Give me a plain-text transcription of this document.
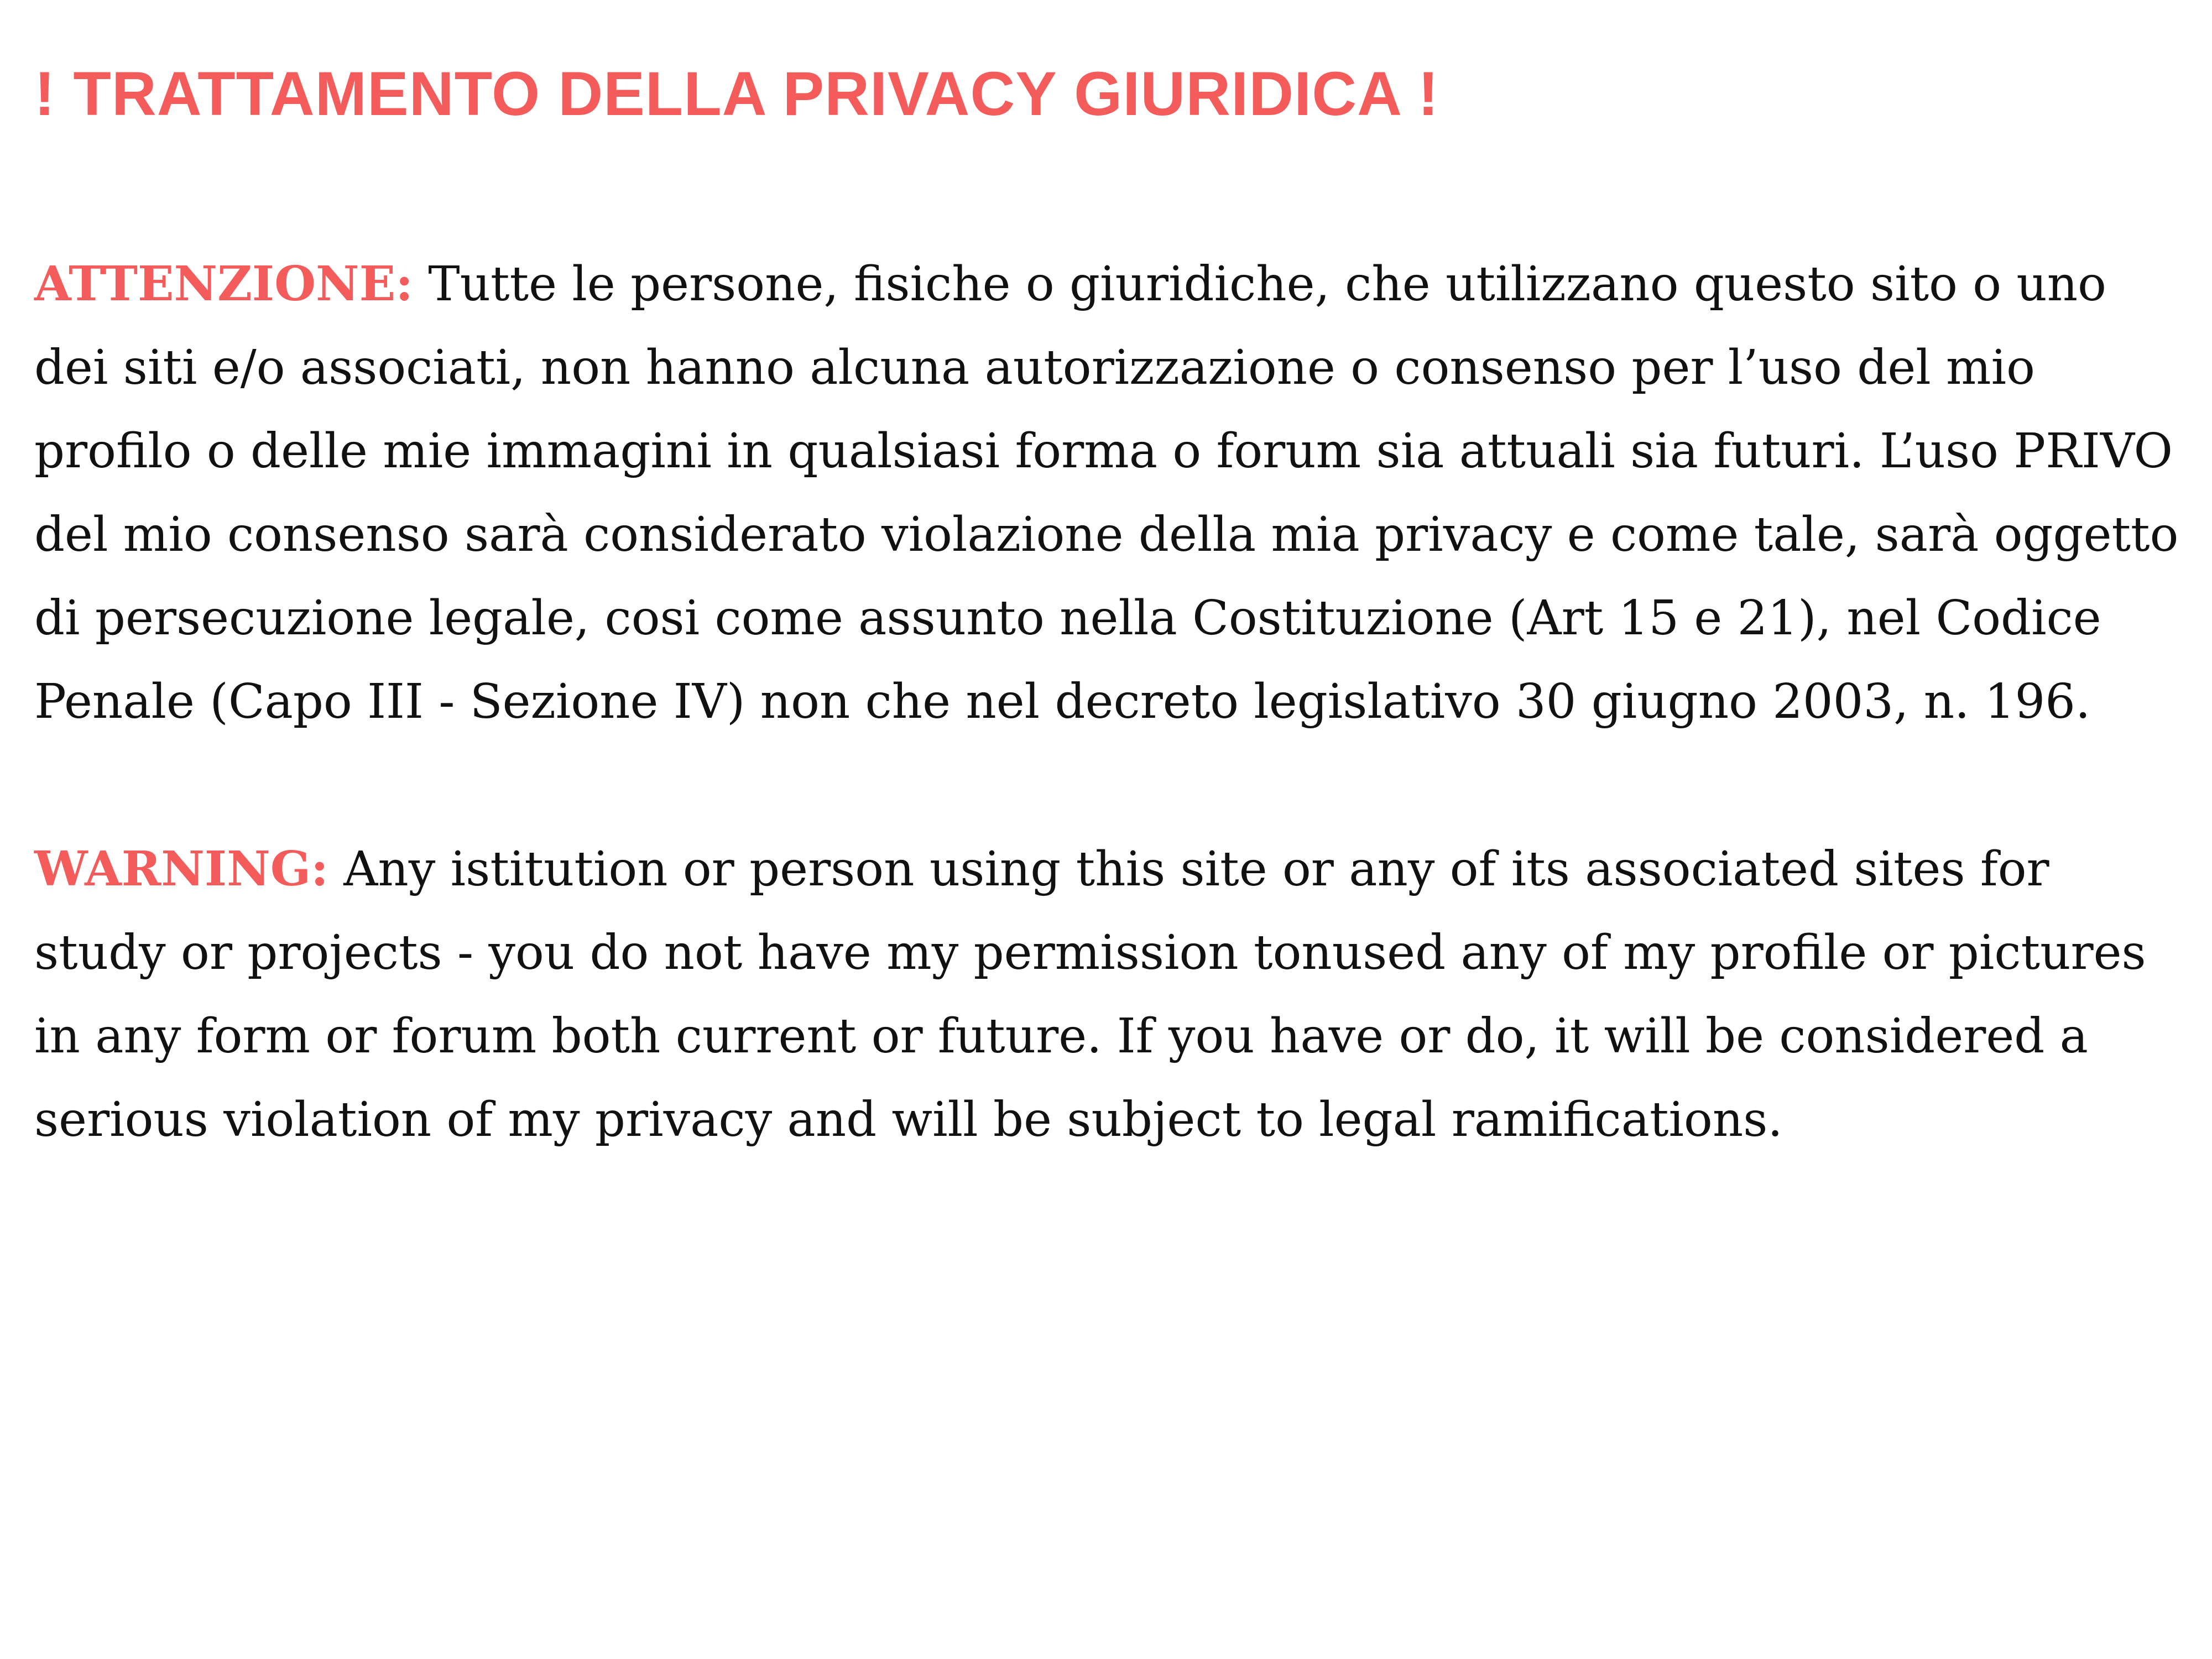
! TRATTAMENTO DELLA PRIVACY GIURIDICA !

ATTENZIONE: Tutte le persone, fisiche o giuridiche, che utilizzano questo sito o uno dei siti e/o associati, non hanno alcuna autorizzazione o consenso per l’uso del mio profilo o delle mie immagini in qualsiasi forma o forum sia attuali sia futuri. L’uso PRIVO del mio consenso sarà considerato violazione della mia privacy e come tale, sarà oggetto di persecuzione legale, cosi come assunto nella Costituzione (Art 15 e 21), nel Codice Penale (Capo III - Sezione IV) non che nel decreto legislativo 30 giugno 2003, n. 196.

WARNING: Any istitution or person using this site or any of its associated sites for study or projects - you do not have my permission tonused any of my profile or pictures in any form or forum both current or future. If you have or do, it will be considered a serious violation of my privacy and will be subject to legal ramifications.
